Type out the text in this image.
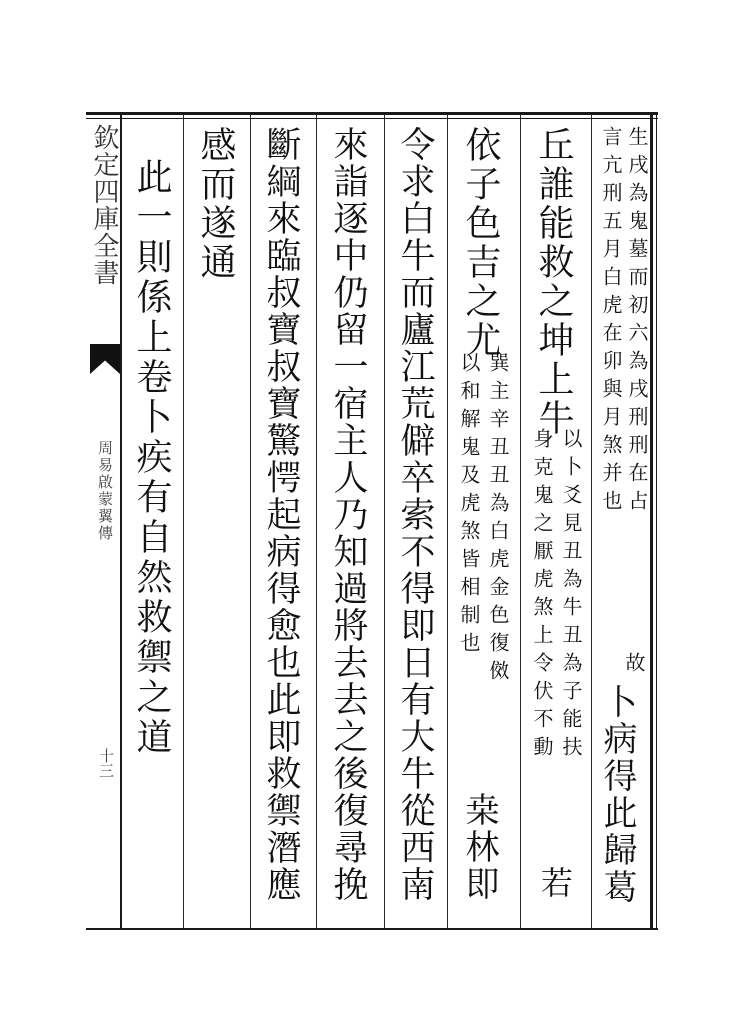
欽定四庫全書
周易啟蒙翼傳
十三
生戌為鬼墓而初六為戌刑刑在占
言亢刑五月白虎在卯與月煞并也
故
卜病得此歸葛
丘誰能救之坤上牛
以卜爻見丑為牛丑為子能扶
身克鬼之厭虎煞上令伏不動
若
依子色吉之尤
巽主辛丑丑為白虎金色復傚
以和解鬼及虎煞皆相制也
桒林即
令求白牛而廬江荒僻卒索不得即日有大牛從西南
來詣逐中仍留一宿主人乃知過將去去之後復尋挽
斷綱來臨叔寶叔寶驚愕起病得愈也此即救禦潛應
感而遂通
此一則係上卷卜疾有自然救禦之道
